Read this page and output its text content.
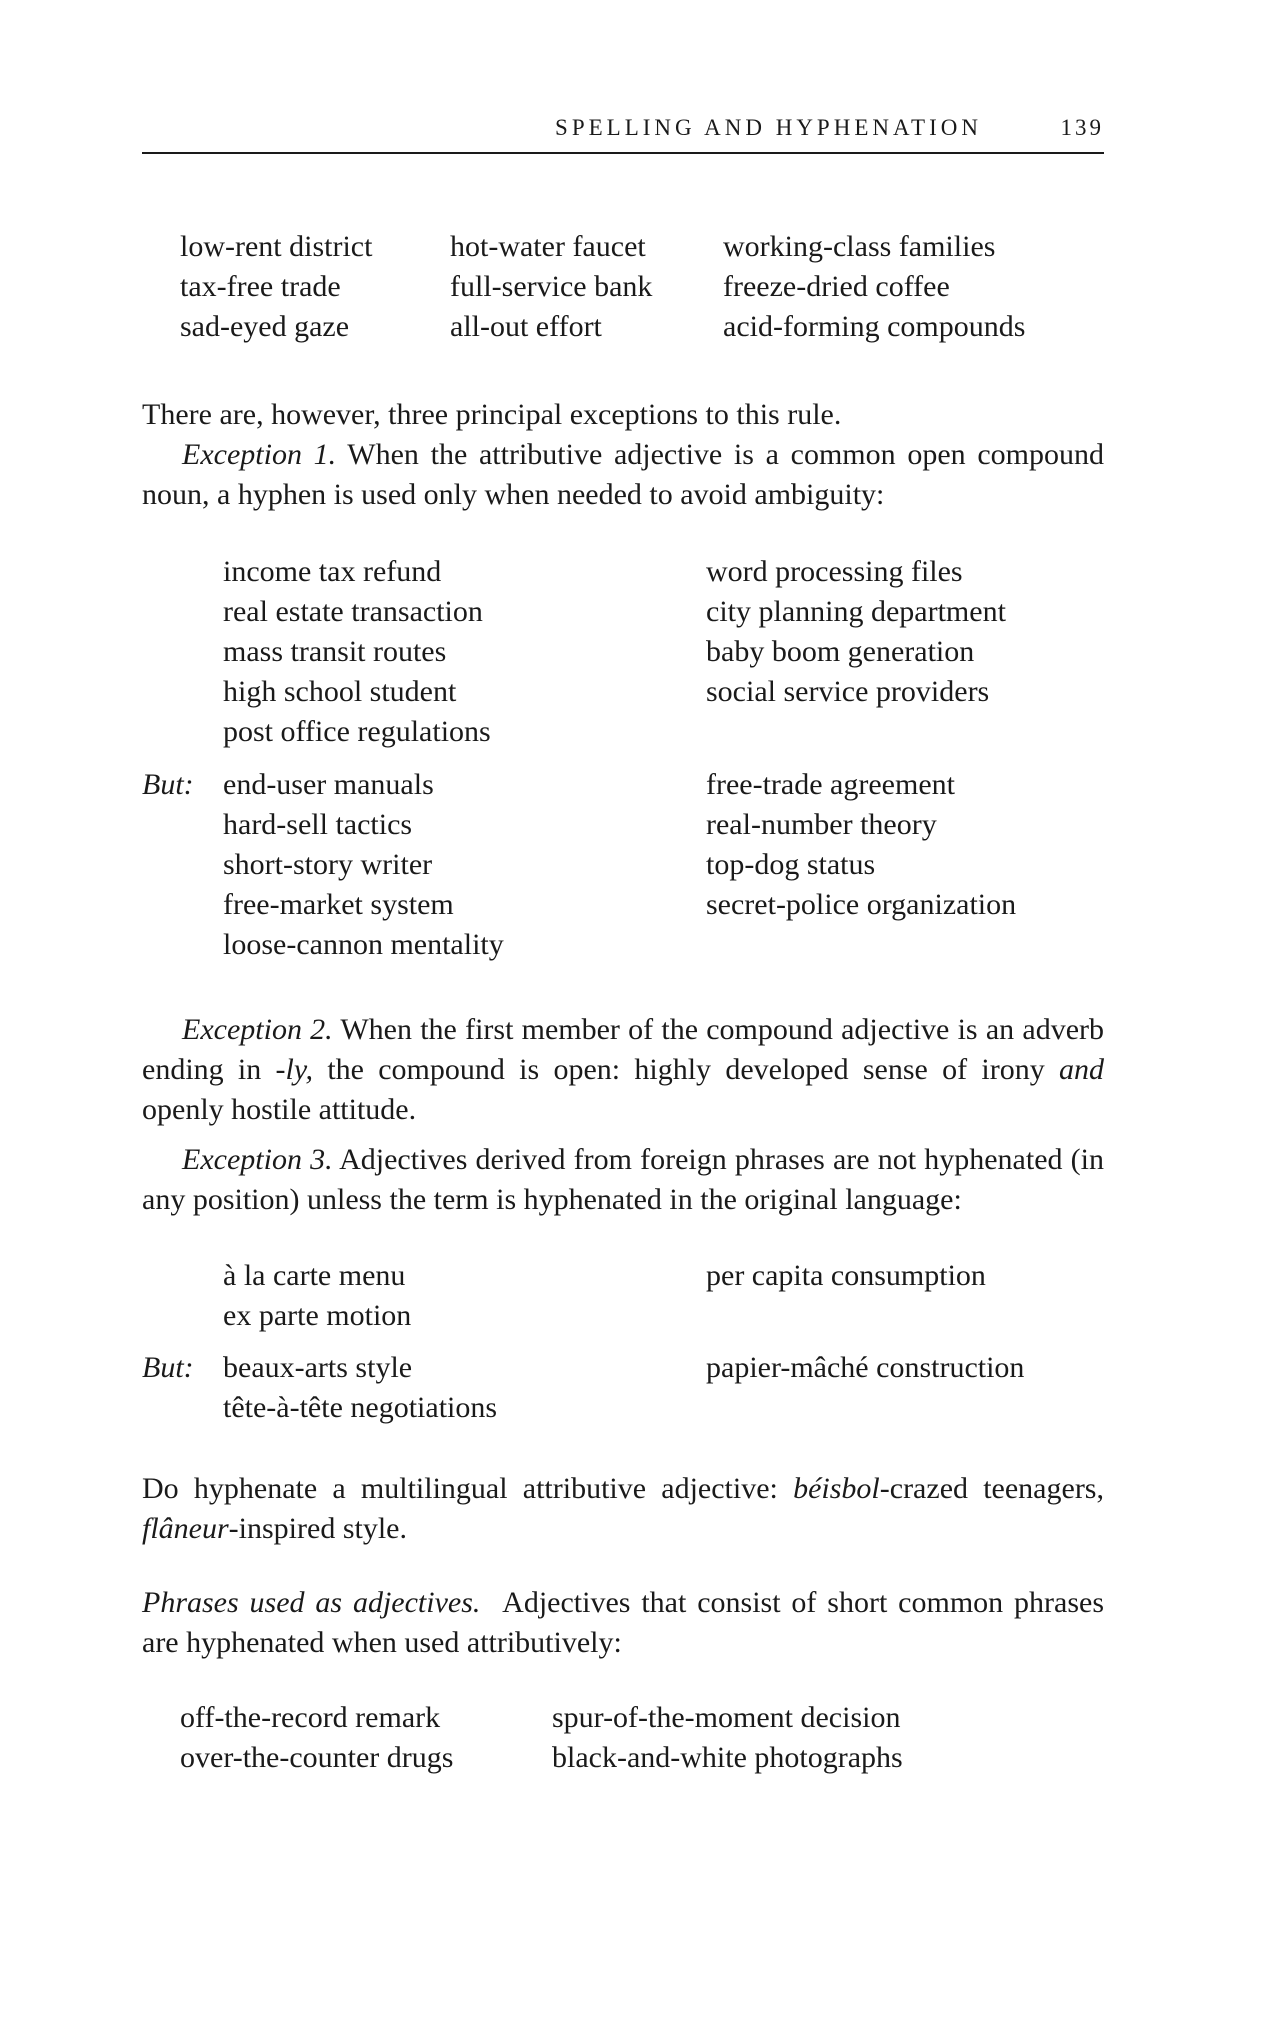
SPELLING AND HYPHENATION	139
low-rent district
tax-free trade
sad-eyed gaze
hot-water faucet
full-service bank
all-out effort
working-class families
freeze-dried coffee
acid-forming compounds

There are, however, three principal exceptions to this rule.

Exception 1. When the attributive adjective is a common open compound noun, a hyphen is used only when needed to avoid ambiguity:

income tax refund
real estate transaction
mass transit routes
high school student
post office regulations
word processing files
city planning department
baby boom generation
social service providers
But: end-user manuals
hard-sell tactics
short-story writer
free-market system
loose-cannon mentality
free-trade agreement
real-number theory
top-dog status
secret-police organization

Exception 2. When the first member of the compound adjective is an adverb ending in -ly, the compound is open: highly developed sense of irony and openly hostile attitude.

Exception 3. Adjectives derived from foreign phrases are not hyphenated (in any position) unless the term is hyphenated in the original language:

à la carte menu
ex parte motion
per capita consumption
But: beaux-arts style
tête-à-tête negotiations
papier-mâché construction

Do hyphenate a multilingual attributive adjective: béisbol-crazed teenagers, flâneur-inspired style.

Phrases used as adjectives. Adjectives that consist of short common phrases are hyphenated when used attributively:

off-the-record remark
over-the-counter drugs
spur-of-the-moment decision
black-and-white photographs
